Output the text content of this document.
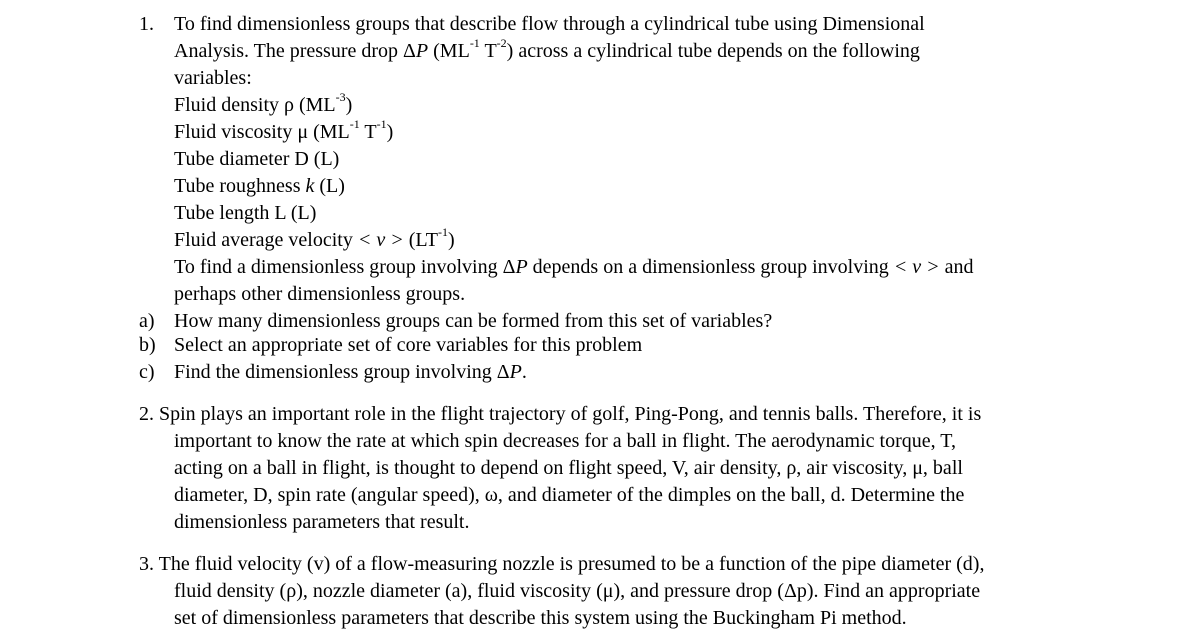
1. To find dimensionless groups that describe flow through a cylindrical tube using Dimensional
Analysis. The pressure drop ΔP ($ML^{-1}$ $T^{-2}$) across a cylindrical tube depends on the following
variables:
Fluid density ρ $(ML^{-3})$
Fluid viscosity μ ($ML^{-1}$ $T^{-1}$)
Tube diameter D (L)
Tube roughness k (L)
Tube length L (L)
Fluid average velocity < $v > (LT^{-1})$
To find a dimensionless group involving ΔP depends on a dimensionless group involving < v > and
perhaps other dimensionless groups.
a) How many dimensionless groups can be formed from this set of variables?
b) Select an appropriate set of core variables for this problem
c) Find the dimensionless group involving ΔP.
2. Spin plays an important role in the flight trajectory of golf, Ping-Pong, and tennis balls. Therefore, it is
important to know the rate at which spin decreases for a ball in flight. The aerodynamic torque, T,
acting on a ball in flight, is thought to depend on flight speed, V, air density, ρ, air viscosity, μ, ball
diameter, D, spin rate (angular speed), ω, and diameter of the dimples on the ball, d. Determine the
dimensionless parameters that result.
3. The fluid velocity (v) of a flow-measuring nozzle is presumed to be a function of the pipe diameter (d),
fluid density (ρ), nozzle diameter (a), fluid viscosity (μ), and pressure drop (Δp). Find an appropriate
set of dimensionless parameters that describe this system using the Buckingham Pi method.
